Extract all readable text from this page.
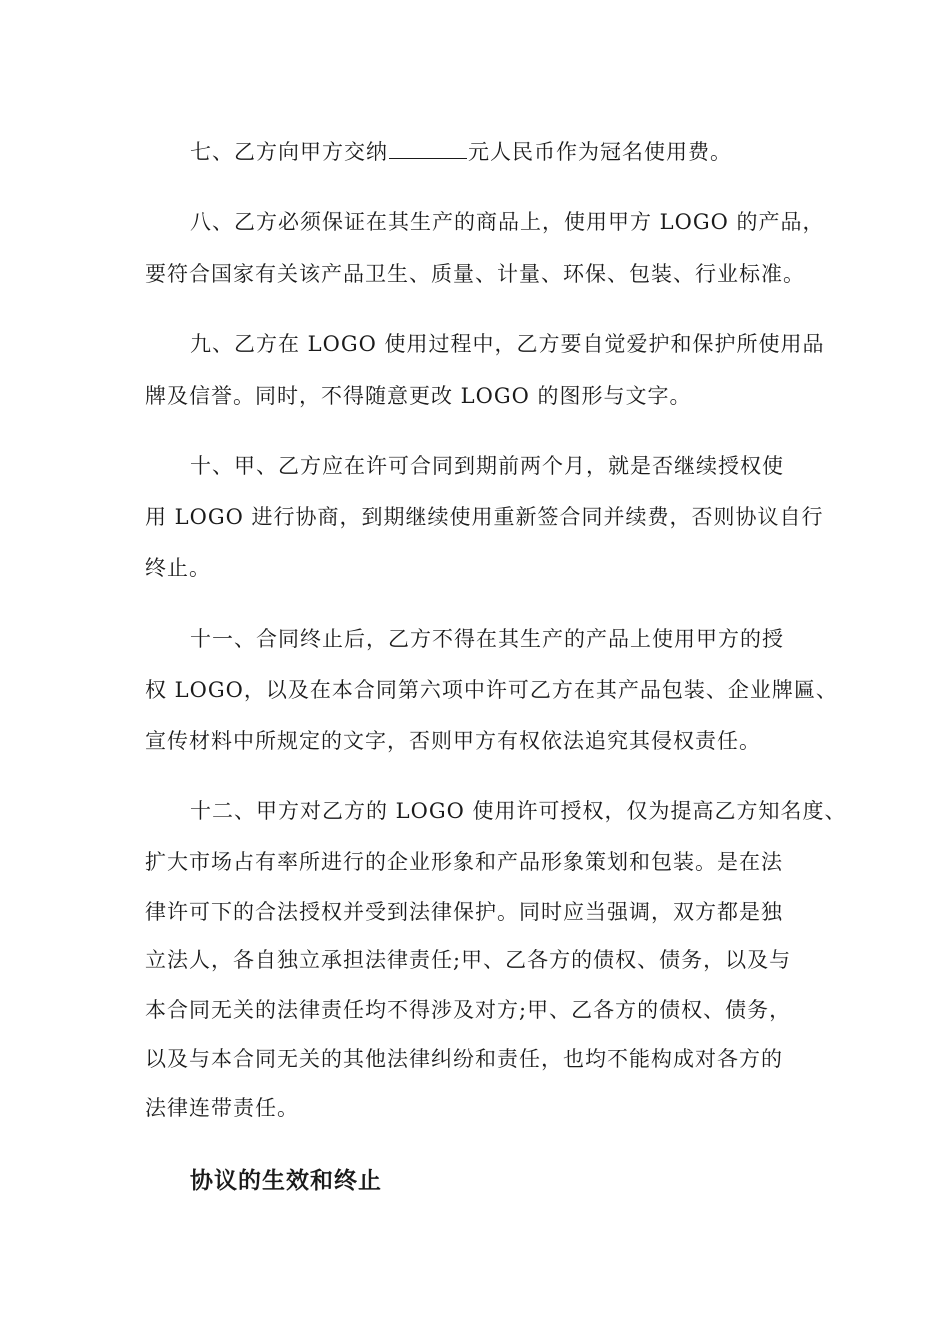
七、乙方向甲方交纳	元人民币作为冠名使用费。
八、乙方必须保证在其生产的商品上，使用甲方 LOGO 的产品，
要符合国家有关该产品卫生、质量、计量、环保、包装、行业标准。
九、乙方在 LOGO 使用过程中，乙方要自觉爱护和保护所使用品
牌及信誉。同时，不得随意更改 LOGO 的图形与文字。
十、甲、乙方应在许可合同到期前两个月，就是否继续授权使
用 LOGO 进行协商，到期继续使用重新签合同并续费，否则协议自行
终止。
十一、合同终止后，乙方不得在其生产的产品上使用甲方的授
权 LOGO，以及在本合同第六项中许可乙方在其产品包装、企业牌匾、
宣传材料中所规定的文字，否则甲方有权依法追究其侵权责任。
十二、甲方对乙方的 LOGO 使用许可授权，仅为提高乙方知名度、
扩大市场占有率所进行的企业形象和产品形象策划和包装。是在法
律许可下的合法授权并受到法律保护。同时应当强调，双方都是独
立法人，各自独立承担法律责任;甲、乙各方的债权、债务，以及与
本合同无关的法律责任均不得涉及对方;甲、乙各方的债权、债务，
以及与本合同无关的其他法律纠纷和责任，也均不能构成对各方的
法律连带责任。
协议的生效和终止
